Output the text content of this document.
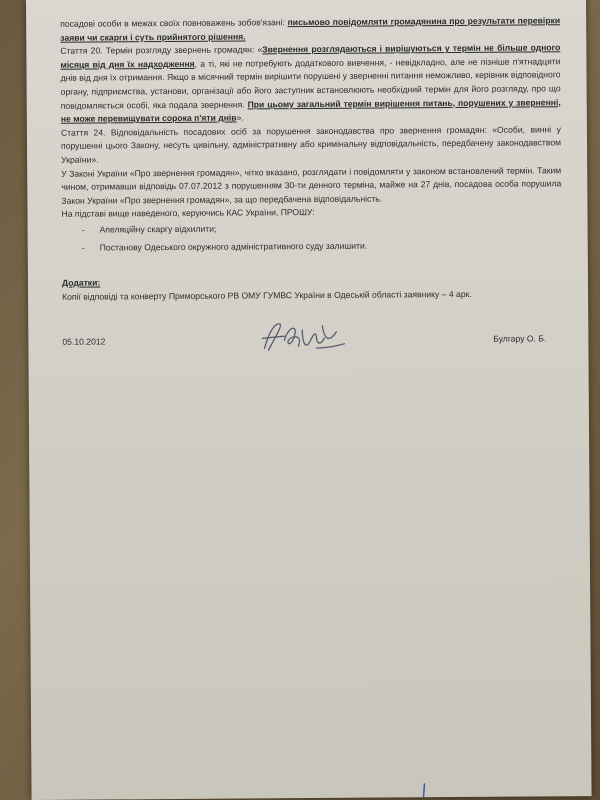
посадові особи в межах своїх повноважень зобов'язані: письмово повідомляти громадянина про результати перевірки заяви чи скарги і суть прийнятого рішення.

Стаття 20. Термін розгляду звернень громадян: «Звернення розглядаються і вирішуються у термін не більше одного місяця від дня їх надходження, а ті, які не потребують додаткового вивчення, - невідкладно, але не пізніше п'ятнадцяти днів від дня їх отримання. Якщо в місячний термін вирішити порушені у зверненні питання неможливо, керівник відповідного органу, підприємства, установи, організації або його заступник встановлюють необхідний термін для його розгляду, про що повідомляється особі, яка подала звернення. При цьому загальний термін вирішення питань, порушених у зверненні, не може перевищувати сорока п'яти днів».

Стаття 24. Відповідальність посадових осіб за порушення законодавства про звернення громадян: «Особи, винні у порушенні цього Закону, несуть цивільну, адміністративну або кримінальну відповідальність, передбачену законодавством України».

У Законі України «Про звернення громадян», чітко вказано, розглядати і повідомляти у законом встановлений термін. Таким чином, отримавши відповідь 07.07.2012 з порушенням 30-ти денного терміна, майже на 27 днів, посадова особа порушила Закон України «Про звернення громадян», за що передбачена відповідальність.

На підставі вище наведеного, керуючись КАС України, ПРОШУ:

-	Апеляційну скаргу відхилити;
-	Постанову Одеського окружного адміністративного суду залишити.

Додатки:

Копії відповіді та конверту Приморського РВ ОМУ ГУМВС України в Одеській області заявнику – 4 арк.

05.10.2012	Булгару О. Б.
